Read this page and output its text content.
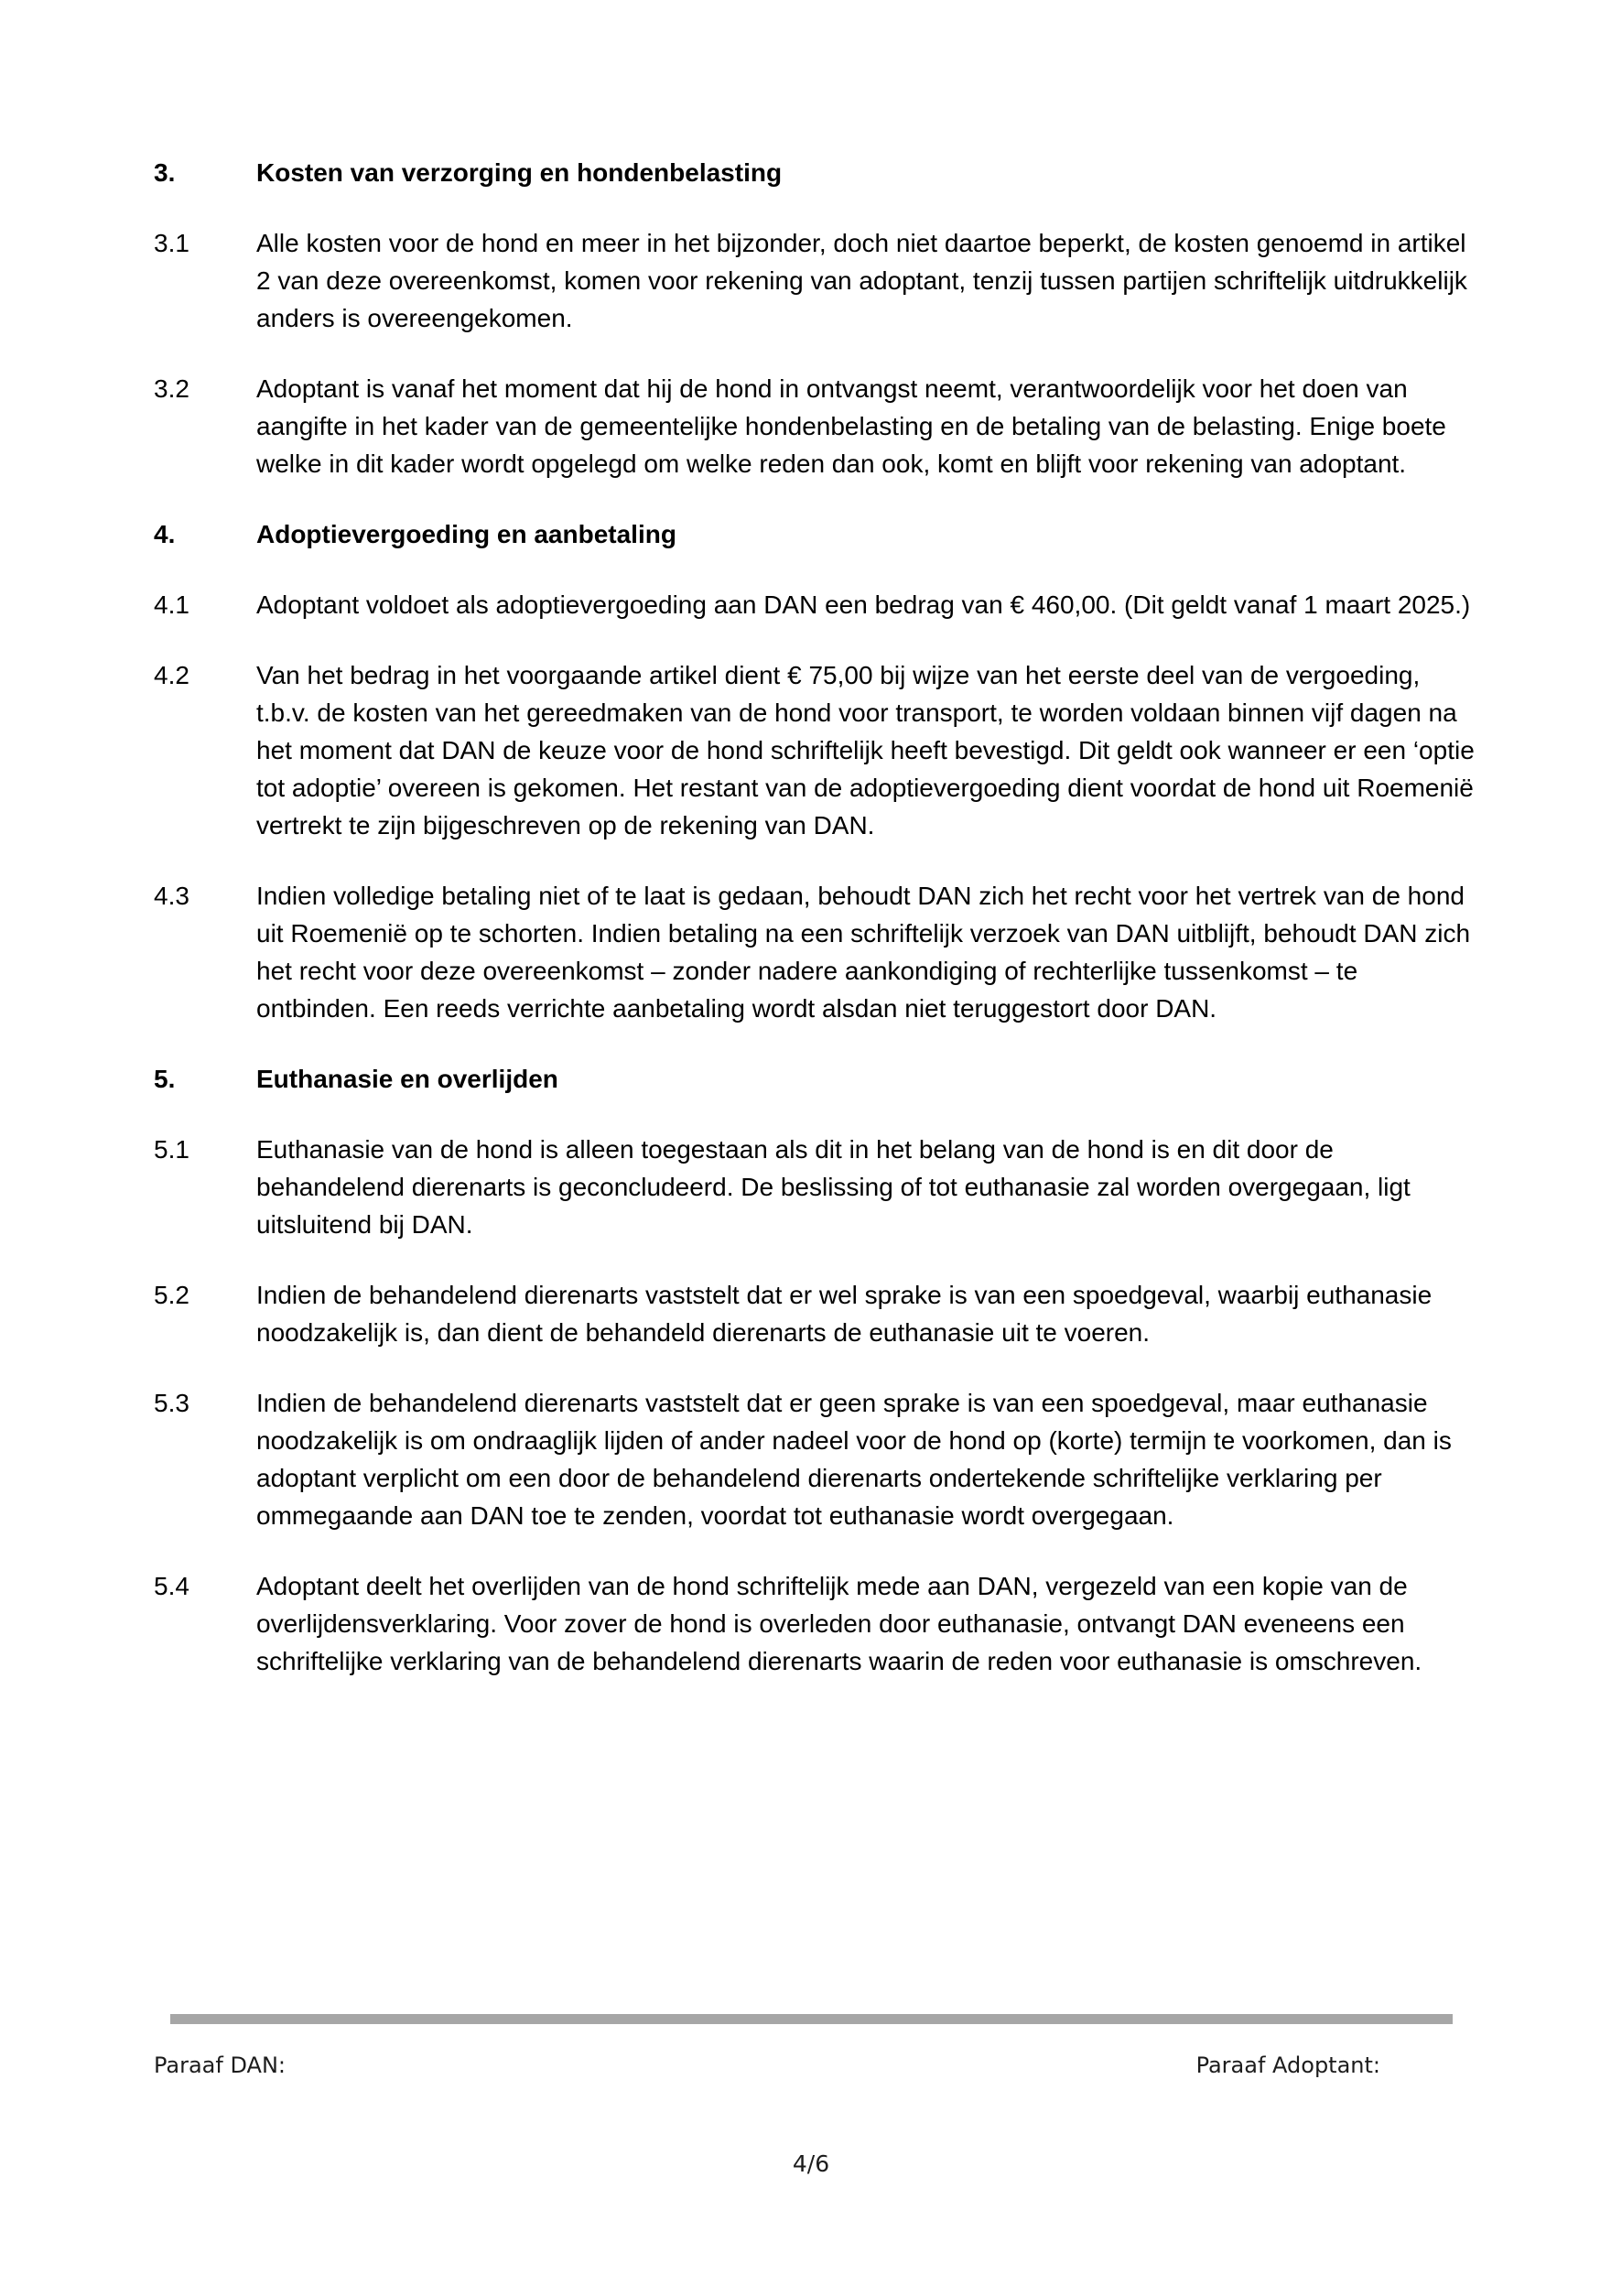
3.	Kosten van verzorging en hondenbelasting
3.1	Alle kosten voor de hond en meer in het bijzonder, doch niet daartoe beperkt, de kosten genoemd in artikel 2 van deze overeenkomst, komen voor rekening van adoptant, tenzij tussen partijen schriftelijk uitdrukkelijk anders is overeengekomen.

3.2	Adoptant is vanaf het moment dat hij de hond in ontvangst neemt, verantwoordelijk voor het doen van aangifte in het kader van de gemeentelijke hondenbelasting en de betaling van de belasting. Enige boete welke in dit kader wordt opgelegd om welke reden dan ook, komt en blijft voor rekening van adoptant.

4.	Adoptievergoeding en aanbetaling
4.1	Adoptant voldoet als adoptievergoeding aan DAN een bedrag van € 460,00. (Dit geldt vanaf 1 maart 2025.)

4.2	Van het bedrag in het voorgaande artikel dient € 75,00 bij wijze van het eerste deel van de vergoeding, t.b.v. de kosten van het gereedmaken van de hond voor transport, te worden voldaan binnen vijf dagen na het moment dat DAN de keuze voor de hond schriftelijk heeft bevestigd. Dit geldt ook wanneer er een ‘optie tot adoptie’ overeen is gekomen. Het restant van de adoptievergoeding dient voordat de hond uit Roemenië vertrekt te zijn bijgeschreven op de rekening van DAN.

4.3	Indien volledige betaling niet of te laat is gedaan, behoudt DAN zich het recht voor het vertrek van de hond uit Roemenië op te schorten. Indien betaling na een schriftelijk verzoek van DAN uitblijft, behoudt DAN zich het recht voor deze overeenkomst – zonder nadere aankondiging of rechterlijke tussenkomst – te ontbinden. Een reeds verrichte aanbetaling wordt alsdan niet teruggestort door DAN.

5.	Euthanasie en overlijden
5.1	Euthanasie van de hond is alleen toegestaan als dit in het belang van de hond is en dit door de behandelend dierenarts is geconcludeerd. De beslissing of tot euthanasie zal worden overgegaan, ligt uitsluitend bij DAN.

5.2	Indien de behandelend dierenarts vaststelt dat er wel sprake is van een spoedgeval, waarbij euthanasie noodzakelijk is, dan dient de behandeld dierenarts de euthanasie uit te voeren.

5.3	Indien de behandelend dierenarts vaststelt dat er geen sprake is van een spoedgeval, maar euthanasie noodzakelijk is om ondraaglijk lijden of ander nadeel voor de hond op (korte) termijn te voorkomen, dan is adoptant verplicht om een door de behandelend dierenarts ondertekende schriftelijke verklaring per ommegaande aan DAN toe te zenden, voordat tot euthanasie wordt overgegaan.

5.4	Adoptant deelt het overlijden van de hond schriftelijk mede aan DAN, vergezeld van een kopie van de overlijdensverklaring. Voor zover de hond is overleden door euthanasie, ontvangt DAN eveneens een schriftelijke verklaring van de behandelend dierenarts waarin de reden voor euthanasie is omschreven.

Paraaf DAN:	Paraaf Adoptant:
4/6
